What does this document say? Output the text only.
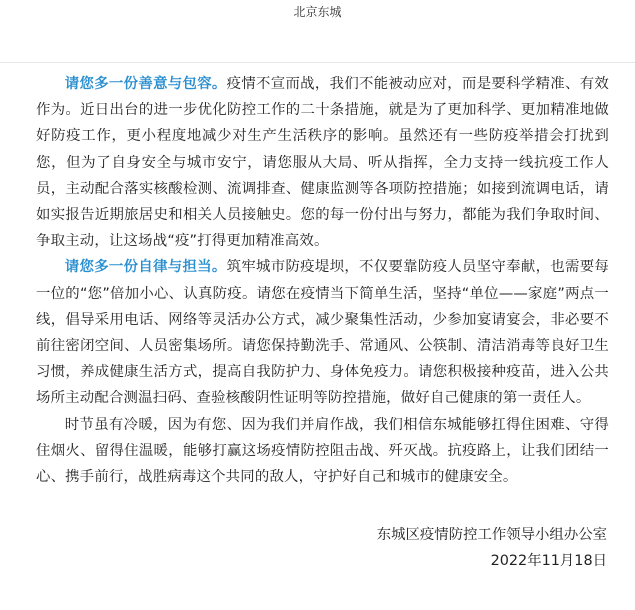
北京东城

请您多一份善意与包容。疫情不宣而战，我们不能被动应对，而是要科学精准、有效作为。近日出台的进一步优化防控工作的二十条措施，就是为了更加科学、更加精准地做好防疫工作，更小程度地减少对生产生活秩序的影响。虽然还有一些防疫举措会打扰到您，但为了自身安全与城市安宁，请您服从大局、听从指挥，全力支持一线抗疫工作人员，主动配合落实核酸检测、流调排查、健康监测等各项防控措施；如接到流调电话，请如实报告近期旅居史和相关人员接触史。您的每一份付出与努力，都能为我们争取时间、争取主动，让这场战“疫”打得更加精准高效。

请您多一份自律与担当。筑牢城市防疫堤坝，不仅要靠防疫人员坚守奉献，也需要每一位的“您”倍加小心、认真防疫。请您在疫情当下简单生活，坚持“单位——家庭”两点一线，倡导采用电话、网络等灵活办公方式，减少聚集性活动，少参加宴请宴会，非必要不前往密闭空间、人员密集场所。请您保持勤洗手、常通风、公筷制、清洁消毒等良好卫生习惯，养成健康生活方式，提高自我防护力、身体免疫力。请您积极接种疫苗，进入公共场所主动配合测温扫码、查验核酸阴性证明等防控措施，做好自己健康的第一责任人。

时节虽有冷暖，因为有您、因为我们并肩作战，我们相信东城能够扛得住困难、守得住烟火、留得住温暖，能够打赢这场疫情防控阻击战、歼灭战。抗疫路上，让我们团结一心、携手前行，战胜病毒这个共同的敌人，守护好自己和城市的健康安全。

东城区疫情防控工作领导小组办公室
2022年11月18日
